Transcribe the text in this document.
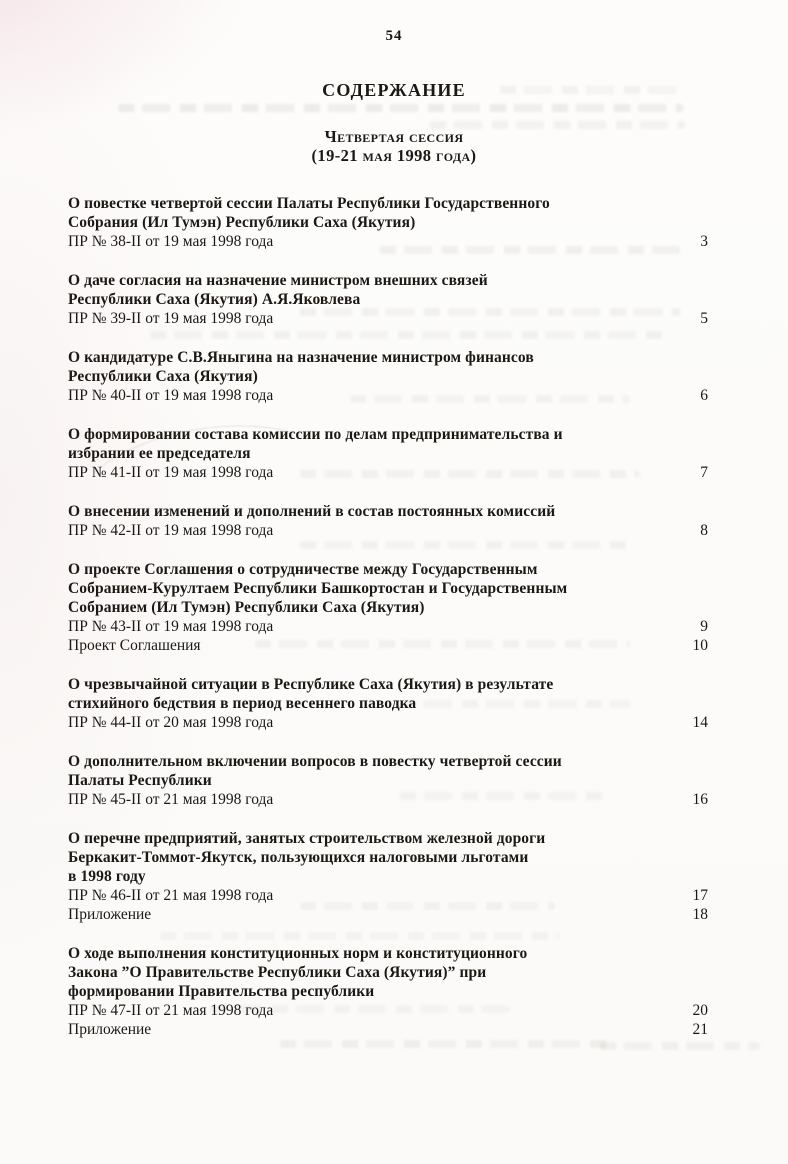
54
СОДЕРЖАНИЕ
Четвертая сессия
(19-21 мая 1998 года)
О повестке четвертой сессии Палаты Республики Государственного
Собрания (Ил Тумэн) Республики Саха (Якутия)
ПР № 38-II от 19 мая 1998 года	3
О даче согласия на назначение министром внешних связей
Республики Саха (Якутия) А.Я.Яковлева
ПР № 39-II от 19 мая 1998 года	5
О кандидатуре С.В.Яныгина на назначение министром финансов
Республики Саха (Якутия)
ПР № 40-II от 19 мая 1998 года	6
О формировании состава комиссии по делам предпринимательства и
избрании ее председателя
ПР № 41-II от 19 мая 1998 года	7
О внесении изменений и дополнений в состав постоянных комиссий
ПР № 42-II от 19 мая 1998 года	8
О проекте Соглашения о сотрудничестве между Государственным
Собранием-Курултаем Республики Башкортостан и Государственным
Собранием (Ил Тумэн) Республики Саха (Якутия)
ПР № 43-II от 19 мая 1998 года	9
Проект Соглашения	10
О чрезвычайной ситуации в Республике Саха (Якутия) в результате
стихийного бедствия в период весеннего паводка
ПР № 44-II от 20 мая 1998 года	14
О дополнительном включении вопросов в повестку четвертой сессии
Палаты Республики
ПР № 45-II от 21 мая 1998 года	16
О перечне предприятий, занятых строительством железной дороги
Беркакит-Томмот-Якутск, пользующихся налоговыми льготами
в 1998 году
ПР № 46-II от 21 мая 1998 года	17
Приложение	18
О ходе выполнения конституционных норм и конституционного
Закона ”О Правительстве Республики Саха (Якутия)” при
формировании Правительства республики
ПР № 47-II от 21 мая 1998 года	20
Приложение	21
